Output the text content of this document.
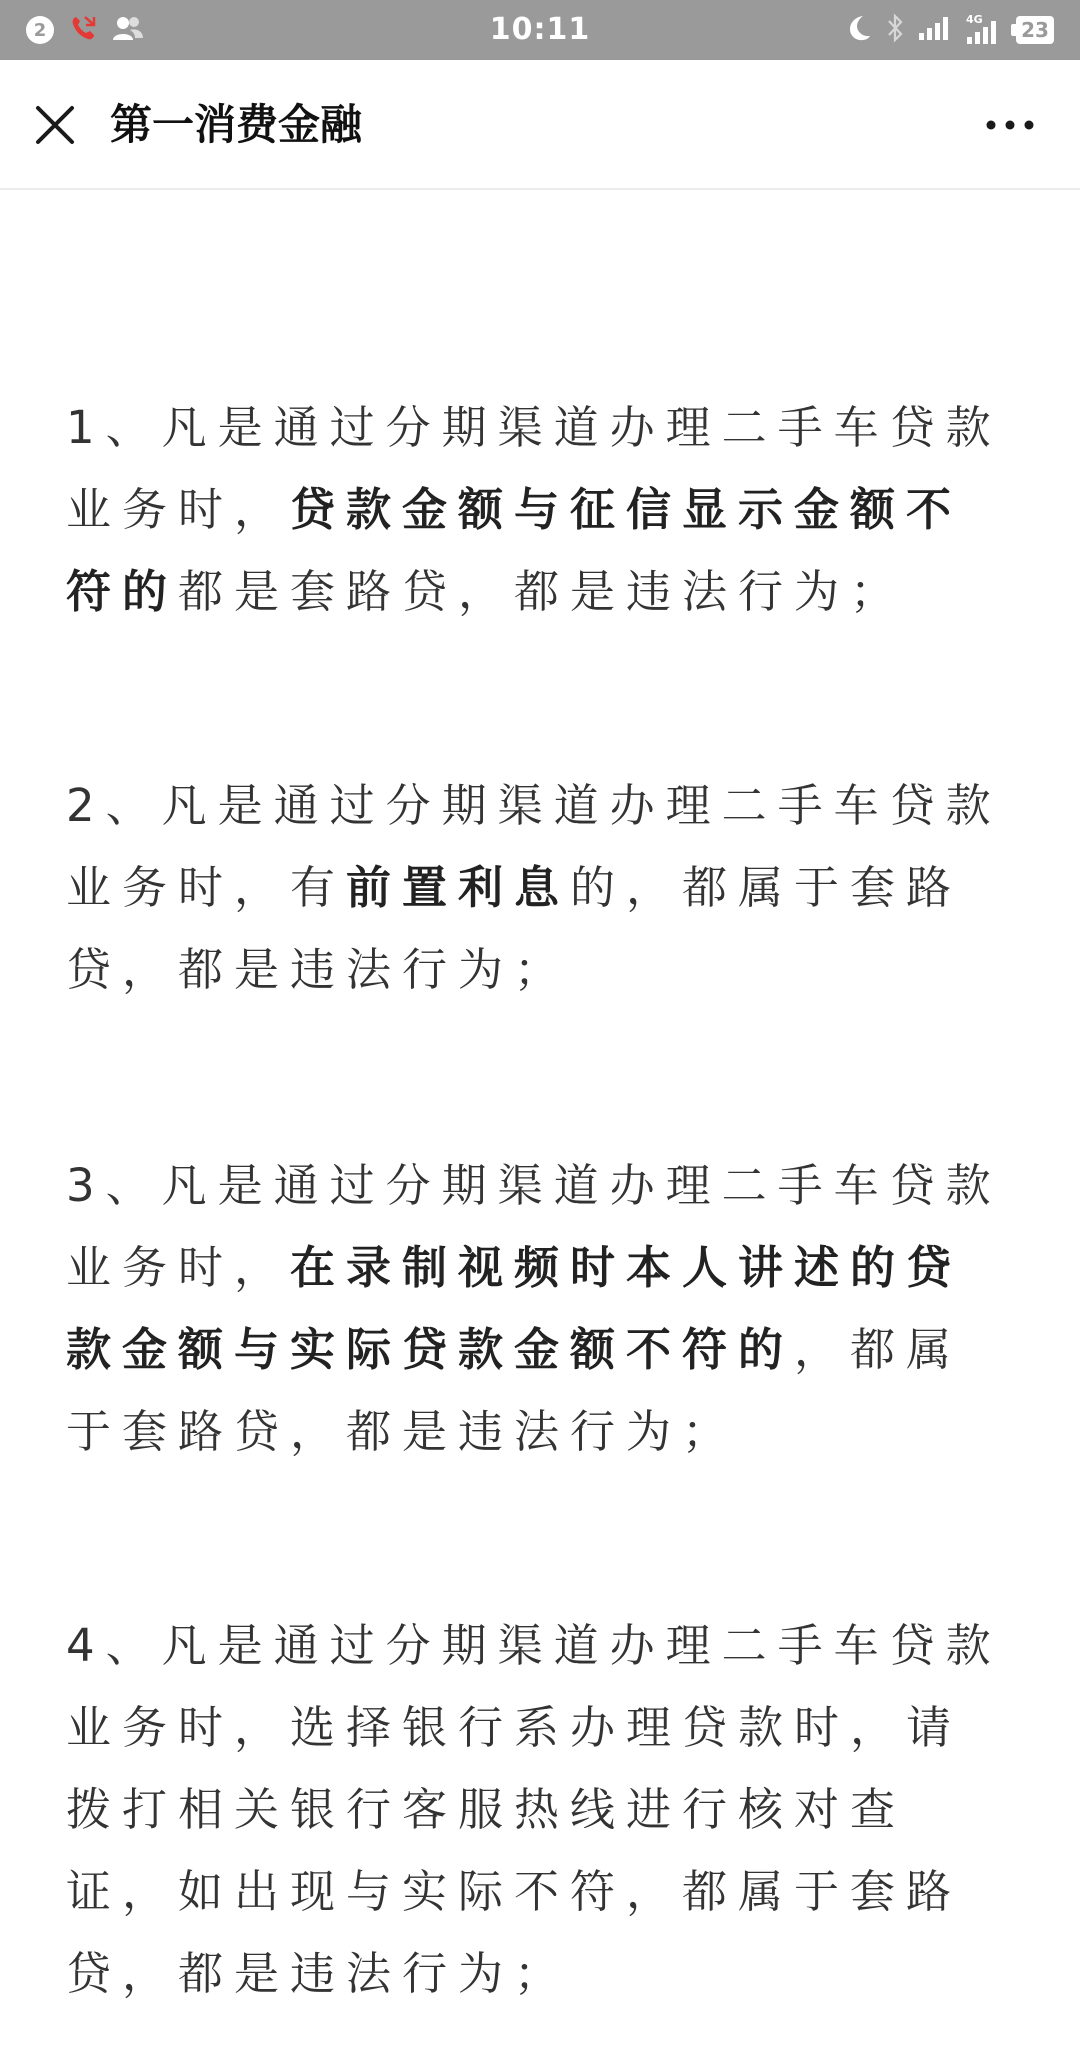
2	10:11	4G 23
第一消费金融

1、凡是通过分期渠道办理二手车贷款业务时，贷款金额与征信显示金额不符的都是套路贷，都是违法行为；

2、凡是通过分期渠道办理二手车贷款业务时，有前置利息的，都属于套路贷，都是违法行为；

3、凡是通过分期渠道办理二手车贷款业务时，在录制视频时本人讲述的贷款金额与实际贷款金额不符的，都属于套路贷，都是违法行为；

4、凡是通过分期渠道办理二手车贷款业务时，选择银行系办理贷款时，请拨打相关银行客服热线进行核对查证，如出现与实际不符，都属于套路贷，都是违法行为；
